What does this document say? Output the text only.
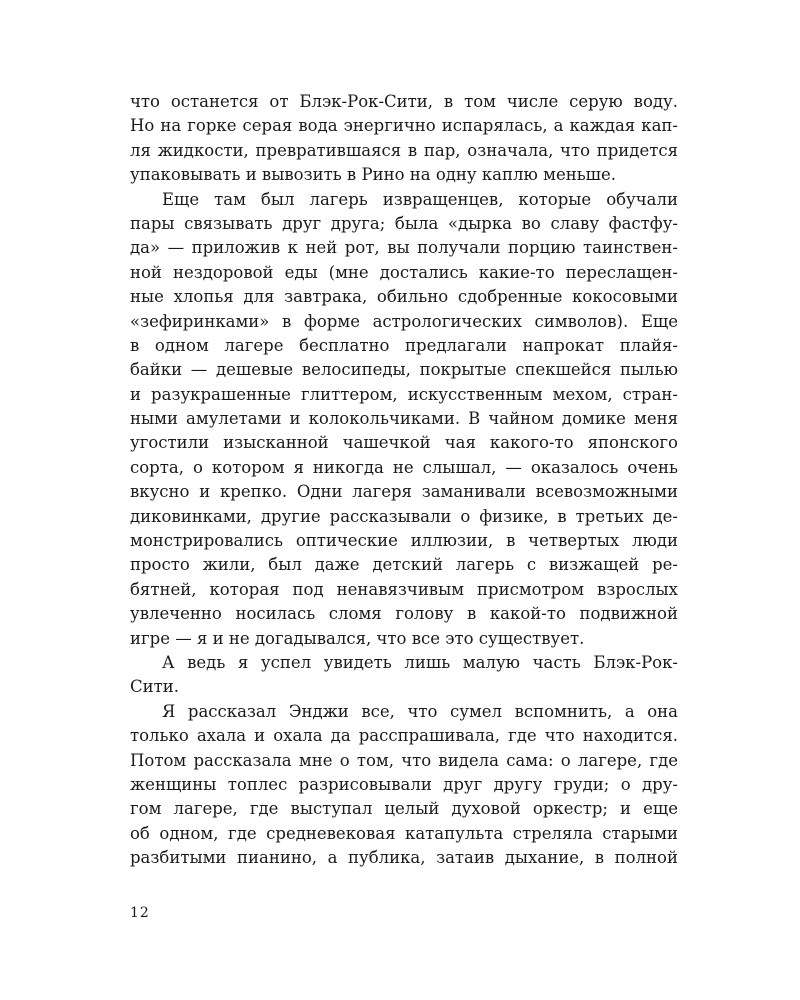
что останется от Блэк-Рок-Сити, в том числе серую воду.
Но на горке серая вода энергично испарялась, а каждая кап-
ля жидкости, превратившаяся в пар, означала, что придется
упаковывать и вывозить в Рино на одну каплю меньше.
Еще там был лагерь извращенцев, которые обучали
пары связывать друг друга; была «дырка во славу фастфу-
да» — приложив к ней рот, вы получали порцию таинствен-
ной нездоровой еды (мне достались какие-то переслащен-
ные хлопья для завтрака, обильно сдобренные кокосовыми
«зефиринками» в форме астрологических символов). Еще
в одном лагере бесплатно предлагали напрокат плайя-
байки — дешевые велосипеды, покрытые спекшейся пылью
и разукрашенные глиттером, искусственным мехом, стран-
ными амулетами и колокольчиками. В чайном домике меня
угостили изысканной чашечкой чая какого-то японского
сорта, о котором я никогда не слышал, — оказалось очень
вкусно и крепко. Одни лагеря заманивали всевозможными
диковинками, другие рассказывали о физике, в третьих де-
монстрировались оптические иллюзии, в четвертых люди
просто жили, был даже детский лагерь с визжащей ре-
бятней, которая под ненавязчивым присмотром взрослых
увлеченно носилась сломя голову в какой-то подвижной
игре — я и не догадывался, что все это существует.
А ведь я успел увидеть лишь малую часть Блэк-Рок-
Сити.
Я рассказал Энджи все, что сумел вспомнить, а она
только ахала и охала да расспрашивала, где что находится.
Потом рассказала мне о том, что видела сама: о лагере, где
женщины топлес разрисовывали друг другу груди; о дру-
гом лагере, где выступал целый духовой оркестр; и еще
об одном, где средневековая катапульта стреляла старыми
разбитыми пианино, а публика, затаив дыхание, в полной
12
